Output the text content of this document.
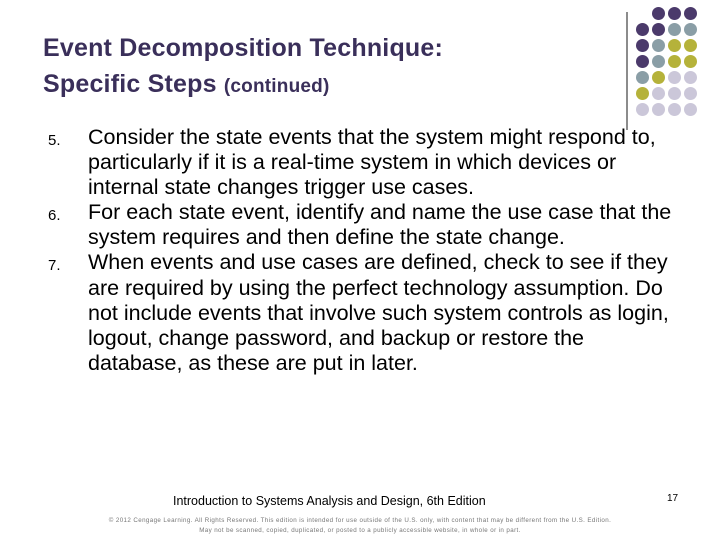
Event Decomposition Technique:
Specific Steps (continued)
5. Consider the state events that the system might respond to, particularly if it is a real-time system in which devices or internal state changes trigger use cases.
6. For each state event, identify and name the use case that the system requires and then define the state change.
7. When events and use cases are defined, check to see if they are required by using the perfect technology assumption. Do not include events that involve such system controls as login, logout, change password, and backup or restore the database, as these are put in later.
Introduction to Systems Analysis and Design, 6th Edition	17
© 2012 Cengage Learning. All Rights Reserved. This edition is intended for use outside of the U.S. only, with content that may be different from the U.S. Edition.
May not be scanned, copied, duplicated, or posted to a publicly accessible website, in whole or in part.
